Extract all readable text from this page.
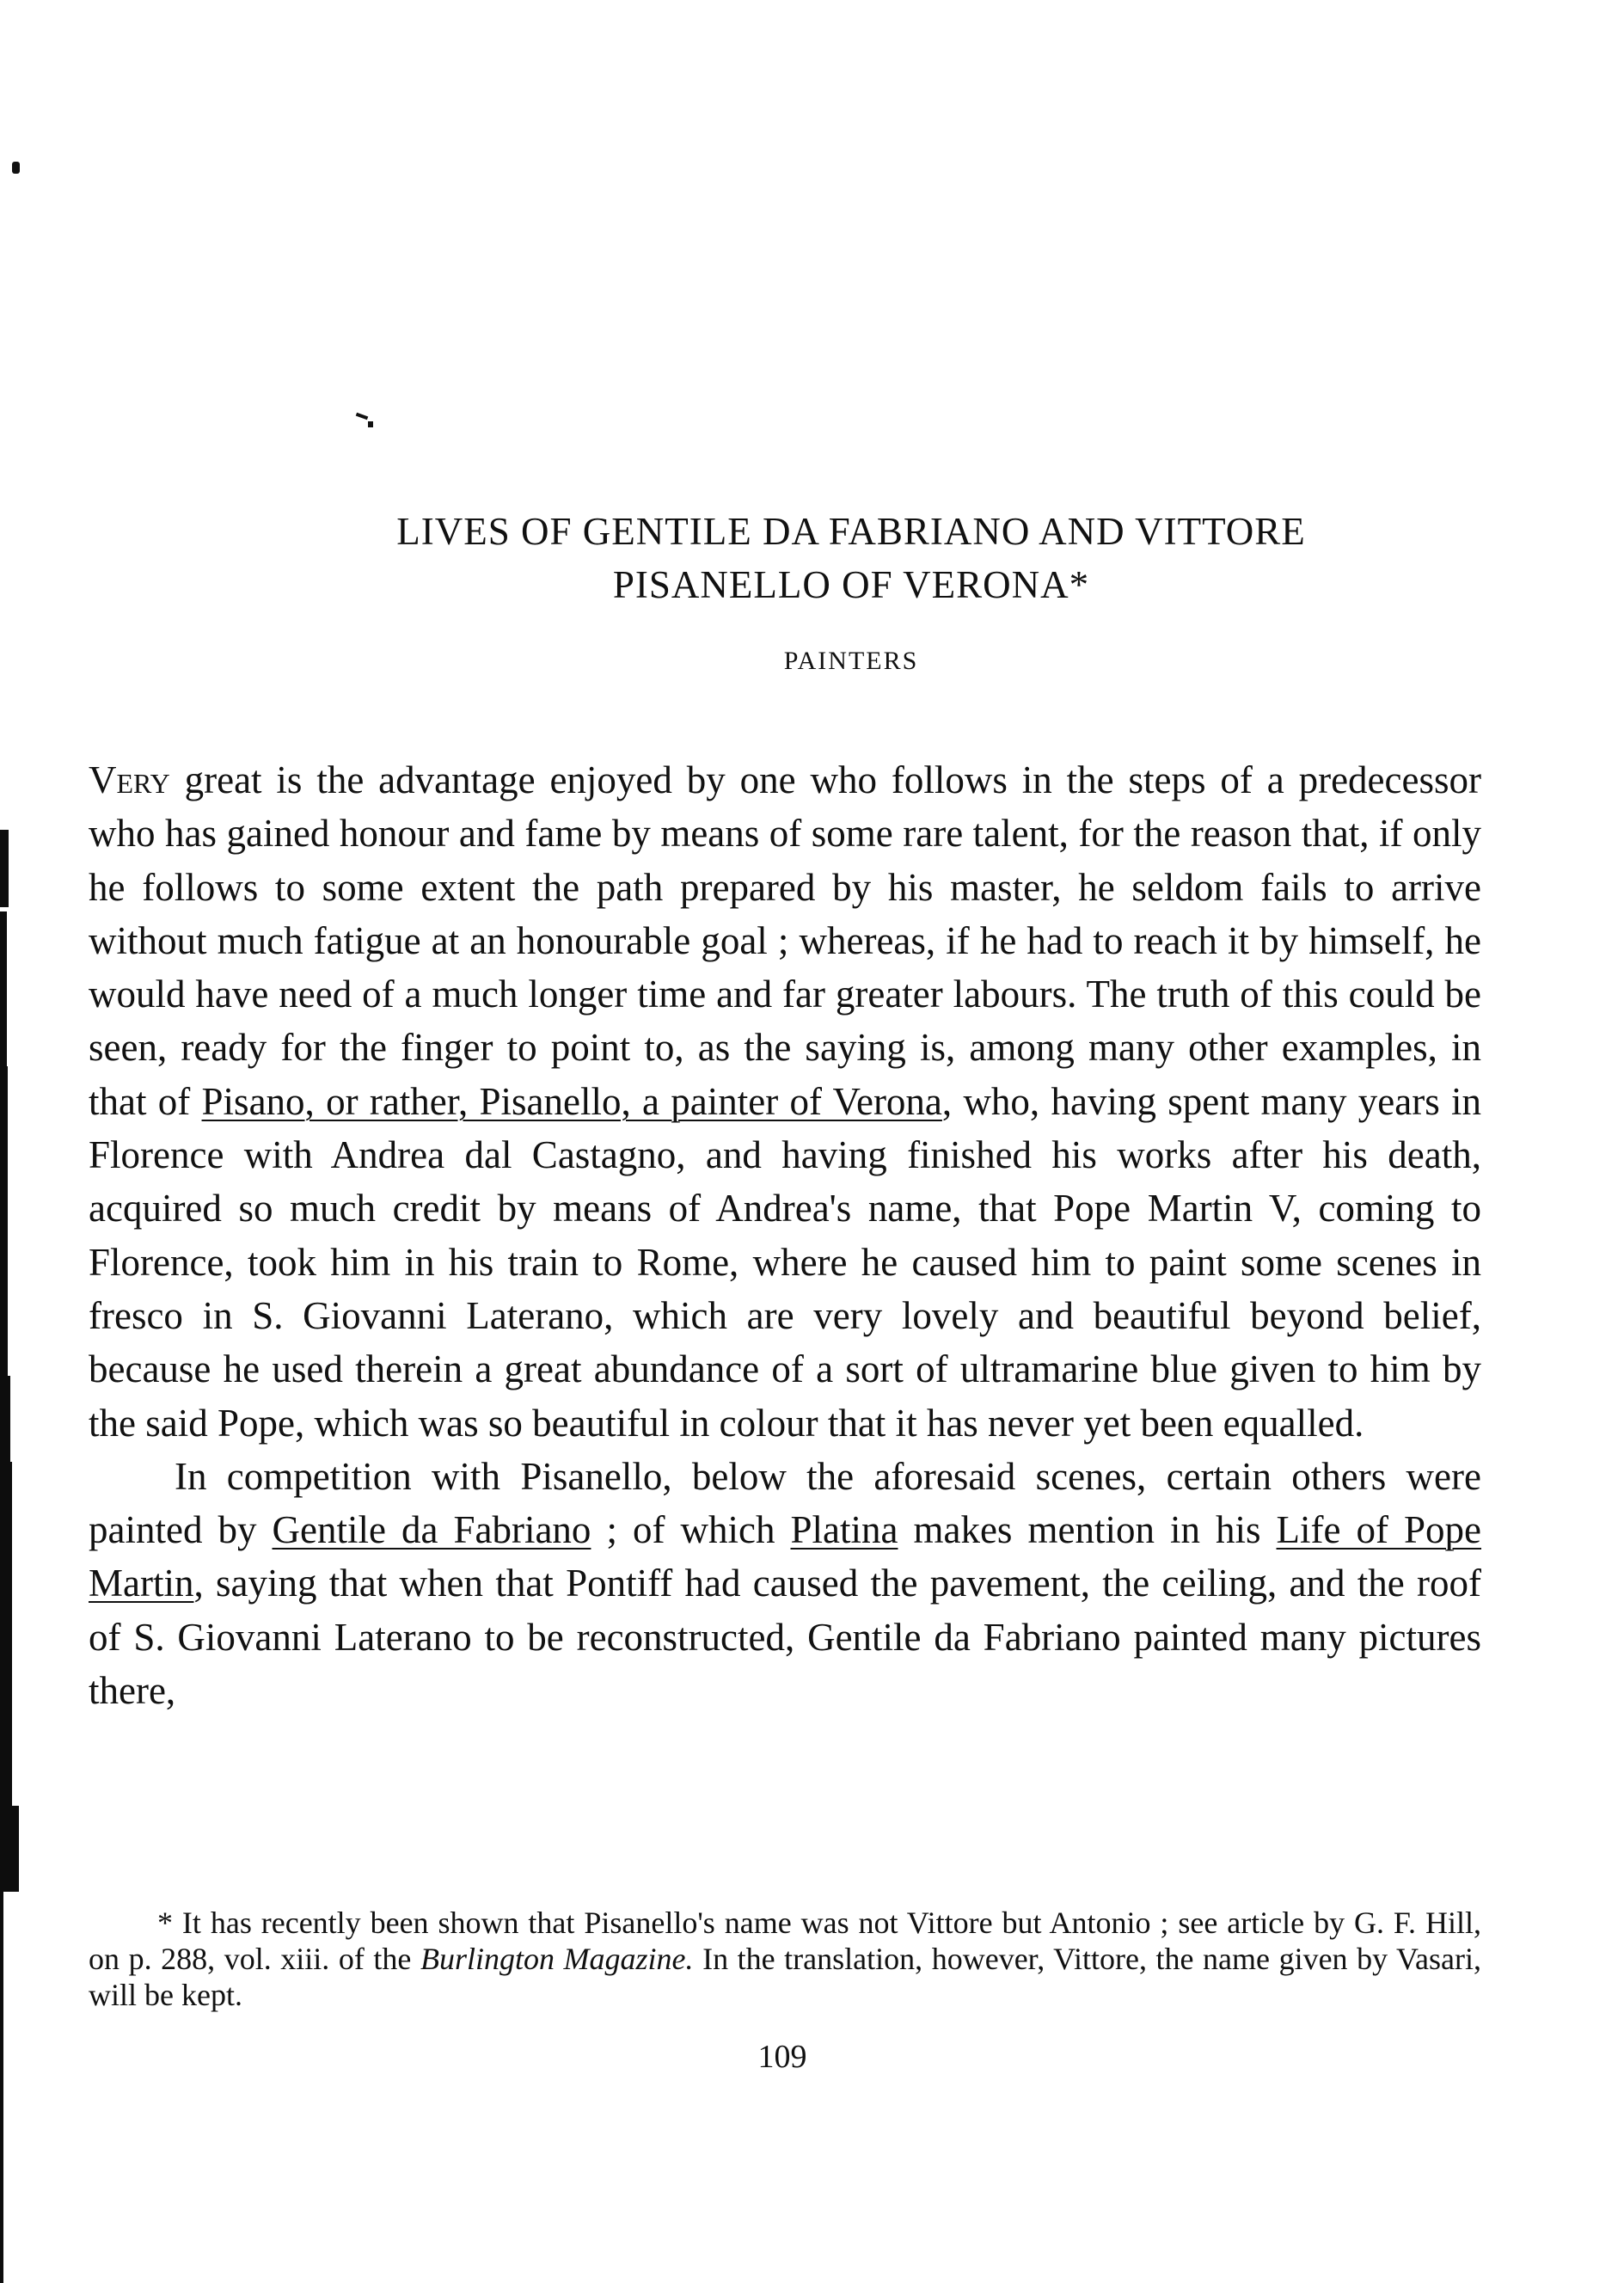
LIVES OF GENTILE DA FABRIANO AND VITTORE
PISANELLO OF VERONA*
PAINTERS

Very great is the advantage enjoyed by one who follows in the steps of a predecessor who has gained honour and fame by means of some rare talent, for the reason that, if only he follows to some extent the path prepared by his master, he seldom fails to arrive without much fatigue at an honourable goal ; whereas, if he had to reach it by himself, he would have need of a much longer time and far greater labours. The truth of this could be seen, ready for the finger to point to, as the saying is, among many other examples, in that of Pisano, or rather, Pisanello, a painter of Verona, who, having spent many years in Florence with Andrea dal Castagno, and having finished his works after his death, acquired so much credit by means of Andrea's name, that Pope Martin V, coming to Florence, took him in his train to Rome, where he caused him to paint some scenes in fresco in S. Giovanni Laterano, which are very lovely and beautiful beyond belief, because he used therein a great abundance of a sort of ultramarine blue given to him by the said Pope, which was so beautiful in colour that it has never yet been equalled.

In competition with Pisanello, below the aforesaid scenes, certain others were painted by Gentile da Fabriano ; of which Platina makes mention in his Life of Pope Martin, saying that when that Pontiff had caused the pavement, the ceiling, and the roof of S. Giovanni Laterano to be reconstructed, Gentile da Fabriano painted many pictures there,

* It has recently been shown that Pisanello's name was not Vittore but Antonio ; see article by G. F. Hill, on p. 288, vol. xiii. of the Burlington Magazine. In the translation, however, Vittore, the name given by Vasari, will be kept.

109
